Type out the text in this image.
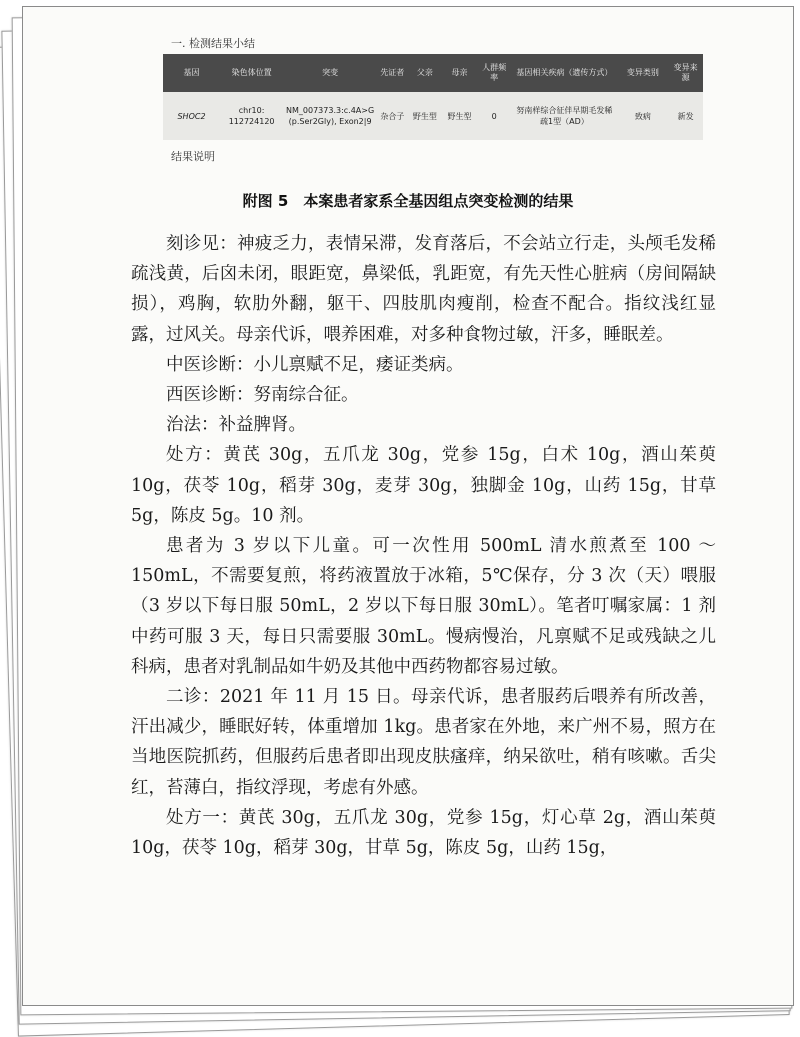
一. 检测结果小结
基因	染色体位置	突变	先证者	父亲	母亲	人群频率	基因相关疾病（遗传方式）	变异类别	变异来源
SHOC2	chr10: 112724120	NM_007373.3:c.4A>G (p.Ser2Gly), Exon2|9	杂合子	野生型	野生型	0	努南样综合征伴早期毛发稀疏1型（AD）	致病	新发
结果说明
附图 5　本案患者家系全基因组点突变检测的结果

刻诊见：神疲乏力，表情呆滞，发育落后，不会站立行走，头颅毛发稀疏浅黄，后囟未闭，眼距宽，鼻梁低，乳距宽，有先天性心脏病（房间隔缺损），鸡胸，软肋外翻，躯干、四肢肌肉瘦削，检查不配合。指纹浅红显露，过风关。母亲代诉，喂养困难，对多种食物过敏，汗多，睡眠差。

中医诊断：小儿禀赋不足，痿证类病。

西医诊断：努南综合征。

治法：补益脾肾。

处方：黄芪 30g，五爪龙 30g，党参 15g，白术 10g，酒山茱萸 10g，茯苓 10g，稻芽 30g，麦芽 30g，独脚金 10g，山药 15g，甘草 5g，陈皮 5g。10 剂。

患者为 3 岁以下儿童。可一次性用 500mL 清水煎煮至 100 ～ 150mL，不需要复煎，将药液置放于冰箱，5℃保存，分 3 次（天）喂服（3 岁以下每日服 50mL，2 岁以下每日服 30mL）。笔者叮嘱家属：1 剂中药可服 3 天，每日只需要服 30mL。慢病慢治，凡禀赋不足或残缺之儿科病，患者对乳制品如牛奶及其他中西药物都容易过敏。

二诊：2021 年 11 月 15 日。母亲代诉，患者服药后喂养有所改善，汗出减少，睡眠好转，体重增加 1kg。患者家在外地，来广州不易，照方在当地医院抓药，但服药后患者即出现皮肤瘙痒，纳呆欲吐，稍有咳嗽。舌尖红，苔薄白，指纹浮现，考虑有外感。

处方一：黄芪 30g，五爪龙 30g，党参 15g，灯心草 2g，酒山茱萸 10g，茯苓 10g，稻芽 30g，甘草 5g，陈皮 5g，山药 15g，
